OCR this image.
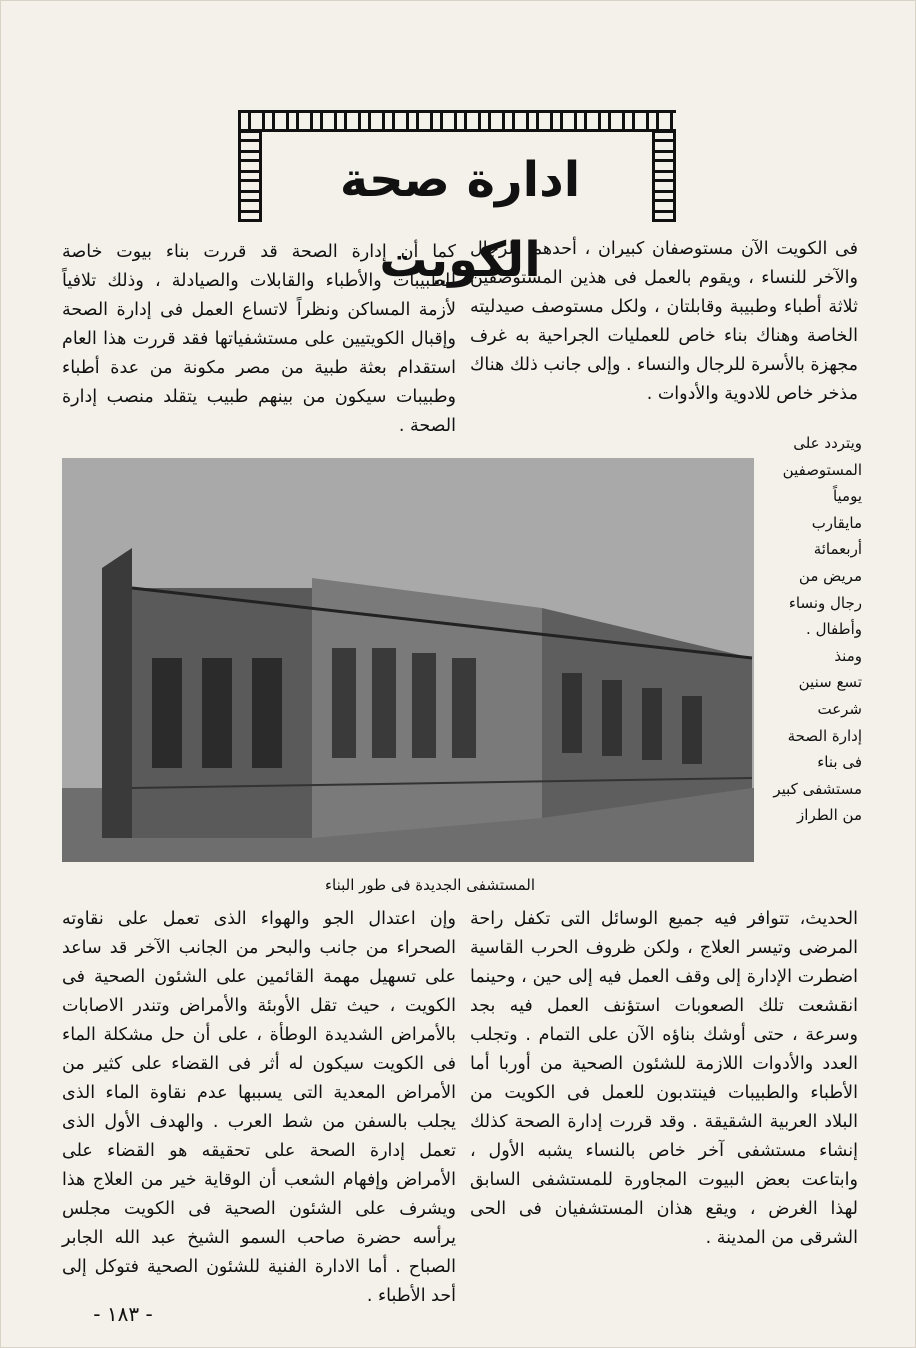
ادارة صحة الكويت

فى الكويت الآن مستوصفان كبيران ، أحدهما للرجال والآخر للنساء ، ويقوم بالعمل فى هذين المستوصفين ثلاثة أطباء وطبيبة وقابلتان ، ولكل مستوصف صيدليته الخاصة وهناك بناء خاص للعمليات الجراحية به غرف مجهزة بالأسرة للرجال والنساء . وإلى جانب ذلك هناك مذخر خاص للادوية والأدوات .

كما أن إدارة الصحة قد قررت بناء بيوت خاصة للطبيبات والأطباء والقابلات والصيادلة ، وذلك تلافياً لأزمة المساكن ونظراً لاتساع العمل فى إدارة الصحة وإقبال الكويتيين على مستشفياتها فقد قررت هذا العام استقدام بعثة طبية من مصر مكونة من عدة أطباء وطبيبات سيكون من بينهم طبيب يتقلد منصب إدارة الصحة .

ويتردد على
المستوصفين
يومياً
مايقارب
أربعمائة
مريض من
رجال ونساء
وأطفال .
ومنذ
تسع سنين
شرعت
إدارة الصحة
فى بناء
مستشفى كبير
من الطراز
المستشفى الجديدة فى طور البناء

الحديث، تتوافر فيه جميع الوسائل التى تكفل راحة المرضى وتيسر العلاج ، ولكن ظروف الحرب القاسية اضطرت الإدارة إلى وقف العمل فيه إلى حين ، وحينما انقشعت تلك الصعوبات استؤنف العمل فيه بجد وسرعة ، حتى أوشك بناؤه الآن على التمام . وتجلب العدد والأدوات اللازمة للشئون الصحية من أوربا أما الأطباء والطبيبات فينتدبون للعمل فى الكويت من البلاد العربية الشقيقة . وقد قررت إدارة الصحة كذلك إنشاء مستشفى آخر خاص بالنساء يشبه الأول ، وابتاعت بعض البيوت المجاورة للمستشفى السابق لهذا الغرض ، ويقع هذان المستشفيان فى الحى الشرقى من المدينة .

وإن اعتدال الجو والهواء الذى تعمل على نقاوته الصحراء من جانب والبحر من الجانب الآخر قد ساعد على تسهيل مهمة القائمين على الشئون الصحية فى الكويت ، حيث تقل الأوبئة والأمراض وتندر الاصابات بالأمراض الشديدة الوطأة ، على أن حل مشكلة الماء فى الكويت سيكون له أثر فى القضاء على كثير من الأمراض المعدية التى يسببها عدم نقاوة الماء الذى يجلب بالسفن من شط العرب . والهدف الأول الذى تعمل إدارة الصحة على تحقيقه هو القضاء على الأمراض وإفهام الشعب أن الوقاية خير من العلاج هذا ويشرف على الشئون الصحية فى الكويت مجلس يرأسه حضرة صاحب السمو الشيخ عبد الله الجابر الصباح . أما الادارة الفنية للشئون الصحية فتوكل إلى أحد الأطباء .

- ١٨٣ -
